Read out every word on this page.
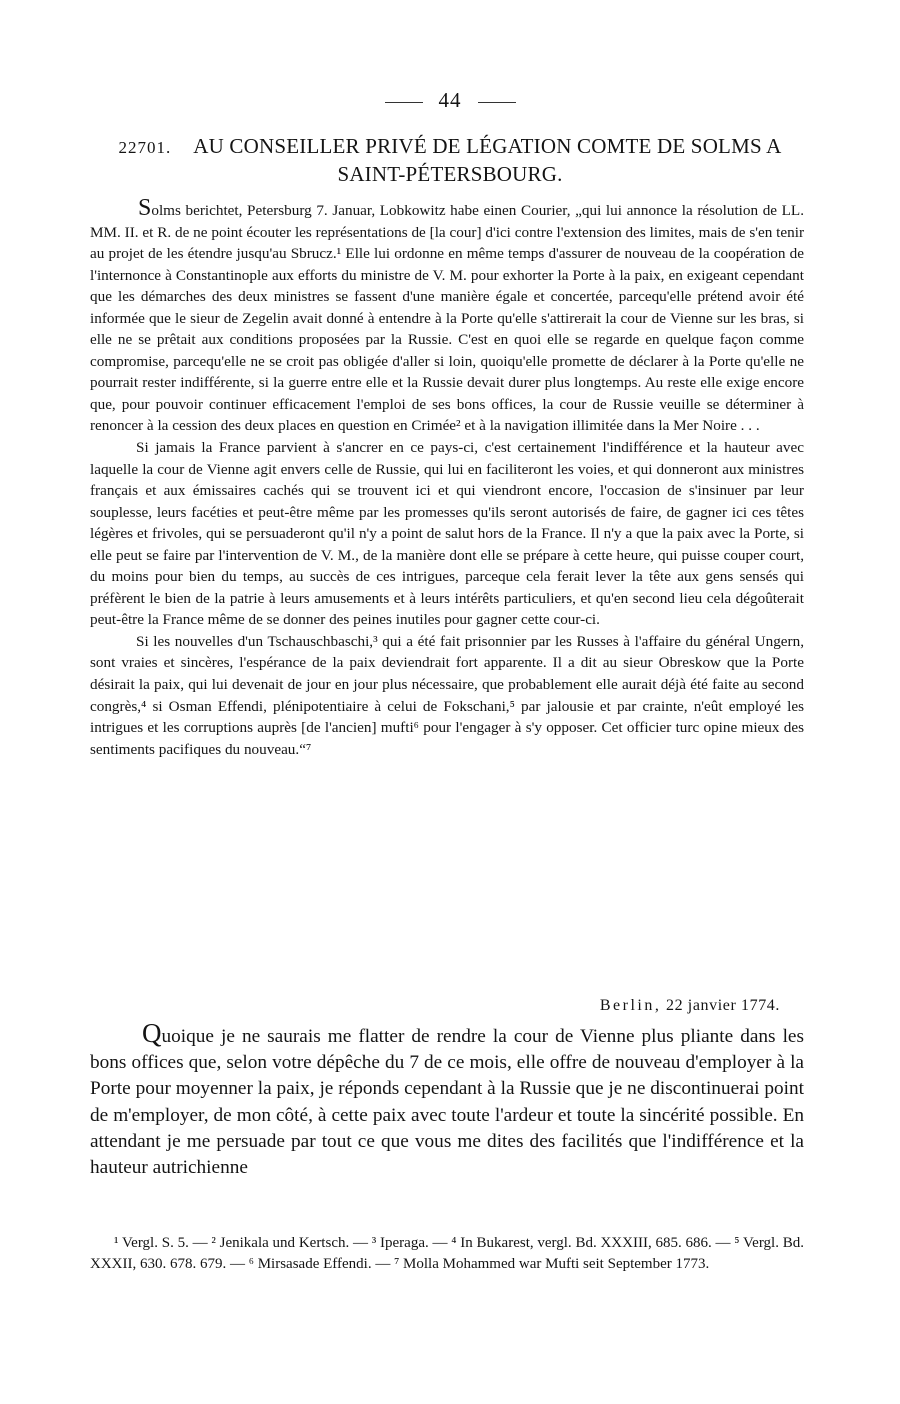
44
22701. AU CONSEILLER PRIVÉ DE LÉGATION COMTE DE SOLMS A SAINT-PÉTERSBOURG.

Solms berichtet, Petersburg 7. Januar, Lobkowitz habe einen Courier, „qui lui annonce la résolution de LL. MM. II. et R. de ne point écouter les représentations de [la cour] d'ici contre l'extension des limites, mais de s'en tenir au projet de les étendre jusqu'au Sbrucz.¹ Elle lui ordonne en même temps d'assurer de nouveau de la coopération de l'internonce à Constantinople aux efforts du ministre de V. M. pour exhorter la Porte à la paix, en exigeant cependant que les démarches des deux ministres se fassent d'une manière égale et concertée, parcequ'elle prétend avoir été informée que le sieur de Zegelin avait donné à entendre à la Porte qu'elle s'attirerait la cour de Vienne sur les bras, si elle ne se prêtait aux conditions proposées par la Russie. C'est en quoi elle se regarde en quelque façon comme compromise, parcequ'elle ne se croit pas obligée d'aller si loin, quoiqu'elle promette de déclarer à la Porte qu'elle ne pourrait rester indifférente, si la guerre entre elle et la Russie devait durer plus longtemps. Au reste elle exige encore que, pour pouvoir continuer efficacement l'emploi de ses bons offices, la cour de Russie veuille se déterminer à renoncer à la cession des deux places en question en Crimée² et à la navigation illimitée dans la Mer Noire . . .

Si jamais la France parvient à s'ancrer en ce pays-ci, c'est certainement l'indifférence et la hauteur avec laquelle la cour de Vienne agit envers celle de Russie, qui lui en faciliteront les voies, et qui donneront aux ministres français et aux émissaires cachés qui se trouvent ici et qui viendront encore, l'occasion de s'insinuer par leur souplesse, leurs facéties et peut-être même par les promesses qu'ils seront autorisés de faire, de gagner ici ces têtes légères et frivoles, qui se persuaderont qu'il n'y a point de salut hors de la France. Il n'y a que la paix avec la Porte, si elle peut se faire par l'intervention de V. M., de la manière dont elle se prépare à cette heure, qui puisse couper court, du moins pour bien du temps, au succès de ces intrigues, parceque cela ferait lever la tête aux gens sensés qui préfèrent le bien de la patrie à leurs amusements et à leurs intérêts particuliers, et qu'en second lieu cela dégoûterait peut-être la France même de se donner des peines inutiles pour gagner cette cour-ci.

Si les nouvelles d'un Tschauschbaschi,³ qui a été fait prisonnier par les Russes à l'affaire du général Ungern, sont vraies et sincères, l'espérance de la paix deviendrait fort apparente. Il a dit au sieur Obreskow que la Porte désirait la paix, qui lui devenait de jour en jour plus nécessaire, que probablement elle aurait déjà été faite au second congrès,⁴ si Osman Effendi, plénipotentiaire à celui de Fokschani,⁵ par jalousie et par crainte, n'eût employé les intrigues et les corruptions auprès [de l'ancien] mufti⁶ pour l'engager à s'y opposer. Cet officier turc opine mieux des sentiments pacifiques du nouveau.“⁷

Berlin, 22 janvier 1774.
Quoique je ne saurais me flatter de rendre la cour de Vienne plus pliante dans les bons offices que, selon votre dépêche du 7 de ce mois, elle offre de nouveau d'employer à la Porte pour moyenner la paix, je réponds cependant à la Russie que je ne discontinuerai point de m'employer, de mon côté, à cette paix avec toute l'ardeur et toute la sincérité possible. En attendant je me persuade par tout ce que vous me dites des facilités que l'indifférence et la hauteur autrichienne

¹ Vergl. S. 5. — ² Jenikala und Kertsch. — ³ Iperaga. — ⁴ In Bukarest, vergl. Bd. XXXIII, 685. 686. — ⁵ Vergl. Bd. XXXII, 630. 678. 679. — ⁶ Mirsasade Effendi. — ⁷ Molla Mohammed war Mufti seit September 1773.
